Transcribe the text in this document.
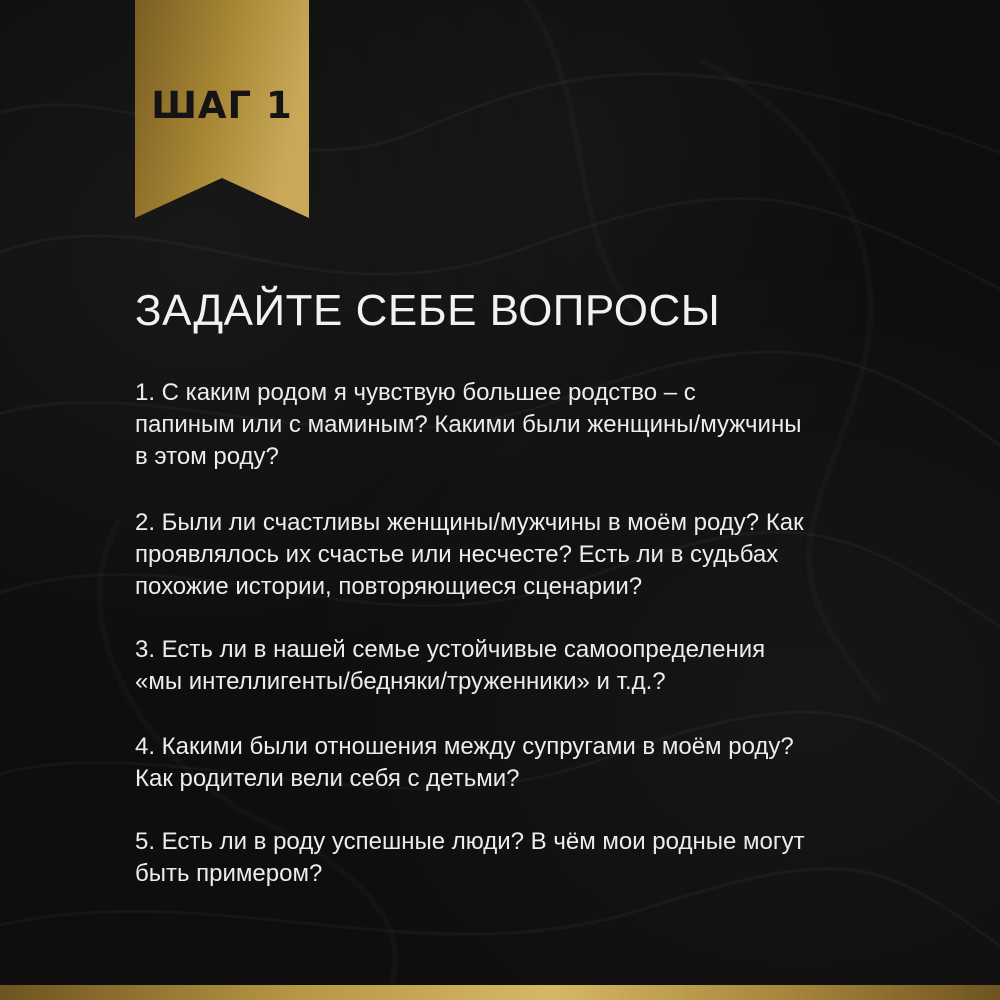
ШАГ 1
ЗАДАЙТЕ СЕБЕ ВОПРОСЫ

1. С каким родом я чувствую большее родство – с
папиным или с маминым? Какими были женщины/мужчины
в этом роду?

2. Были ли счастливы женщины/мужчины в моём роду? Как
проявлялось их счастье или несчесте? Есть ли в судьбах
похожие истории, повторяющиеся сценарии?

3. Есть ли в нашей семье устойчивые самоопределения
«мы интеллигенты/бедняки/труженники» и т.д.?

4. Какими были отношения между супругами в моём роду?
Как родители вели себя с детьми?

5. Есть ли в роду успешные люди? В чём мои родные могут
быть примером?
